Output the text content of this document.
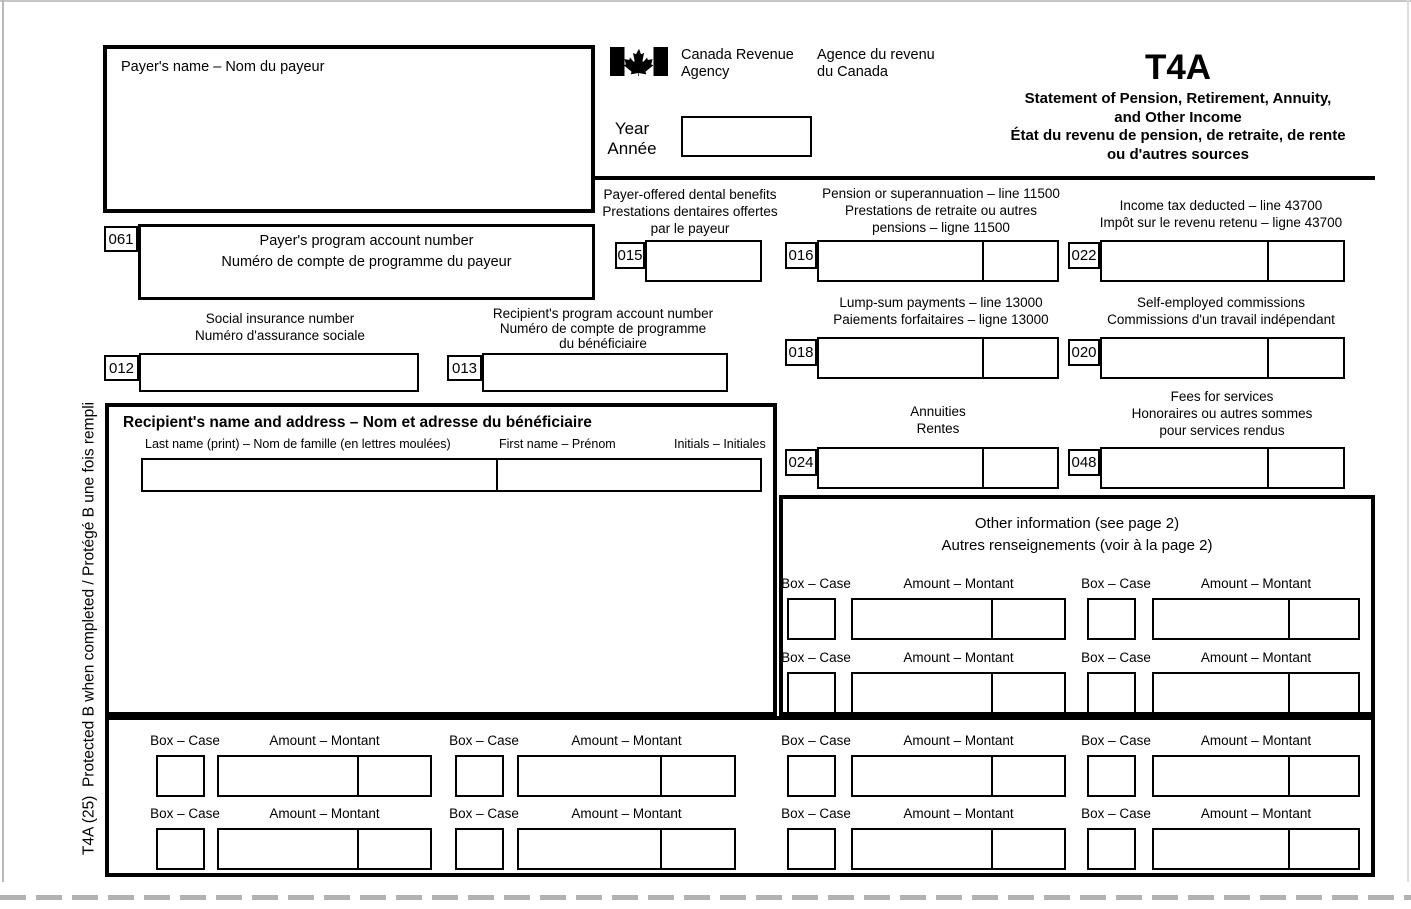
Payer's name – Nom du payeur
Canada Revenue
Agency
Agence du revenu
du Canada	T4A
Statement of Pension, Retirement, Annuity,
and Other Income
État du revenu de pension, de retraite, de rente
ou d'autres sources
Year
Année
061	Payer's program account number
Numéro de compte de programme du payeur
Payer-offered dental benefits
Prestations dentaires offertes
par le payeur
Pension or superannuation – line 11500
Prestations de retraite ou autres
pensions – ligne 11500
Income tax deducted – line 43700
Impôt sur le revenu retenu – ligne 43700
015	016	022
Lump-sum payments – line 13000
Paiements forfaitaires – ligne 13000
Self-employed commissions
Commissions d'un travail indépendant
018	020
Social insurance number
Numéro d'assurance sociale
Recipient's program account number
Numéro de compte de programme
du bénéficiaire
012	013
Annuities
Rentes
Fees for services
Honoraires ou autres sommes
pour services rendus
024	048
Recipient's name and address – Nom et adresse du bénéficiaire
Last name (print) – Nom de famille (en lettres moulées)	First name – Prénom	Initials – Initiales
Other information (see page 2)
Autres renseignements (voir à la page 2)
Box – Case	Amount – Montant	Box – Case	Amount – Montant
Box – Case	Amount – Montant	Box – Case	Amount – Montant
Box – Case	Amount – Montant	Box – Case	Amount – Montant	Box – Case	Amount – Montant	Box – Case	Amount – Montant
Box – Case	Amount – Montant	Box – Case	Amount – Montant	Box – Case	Amount – Montant	Box – Case	Amount – Montant
T4A (25)  Protected B when completed / Protégé B une fois rempli
